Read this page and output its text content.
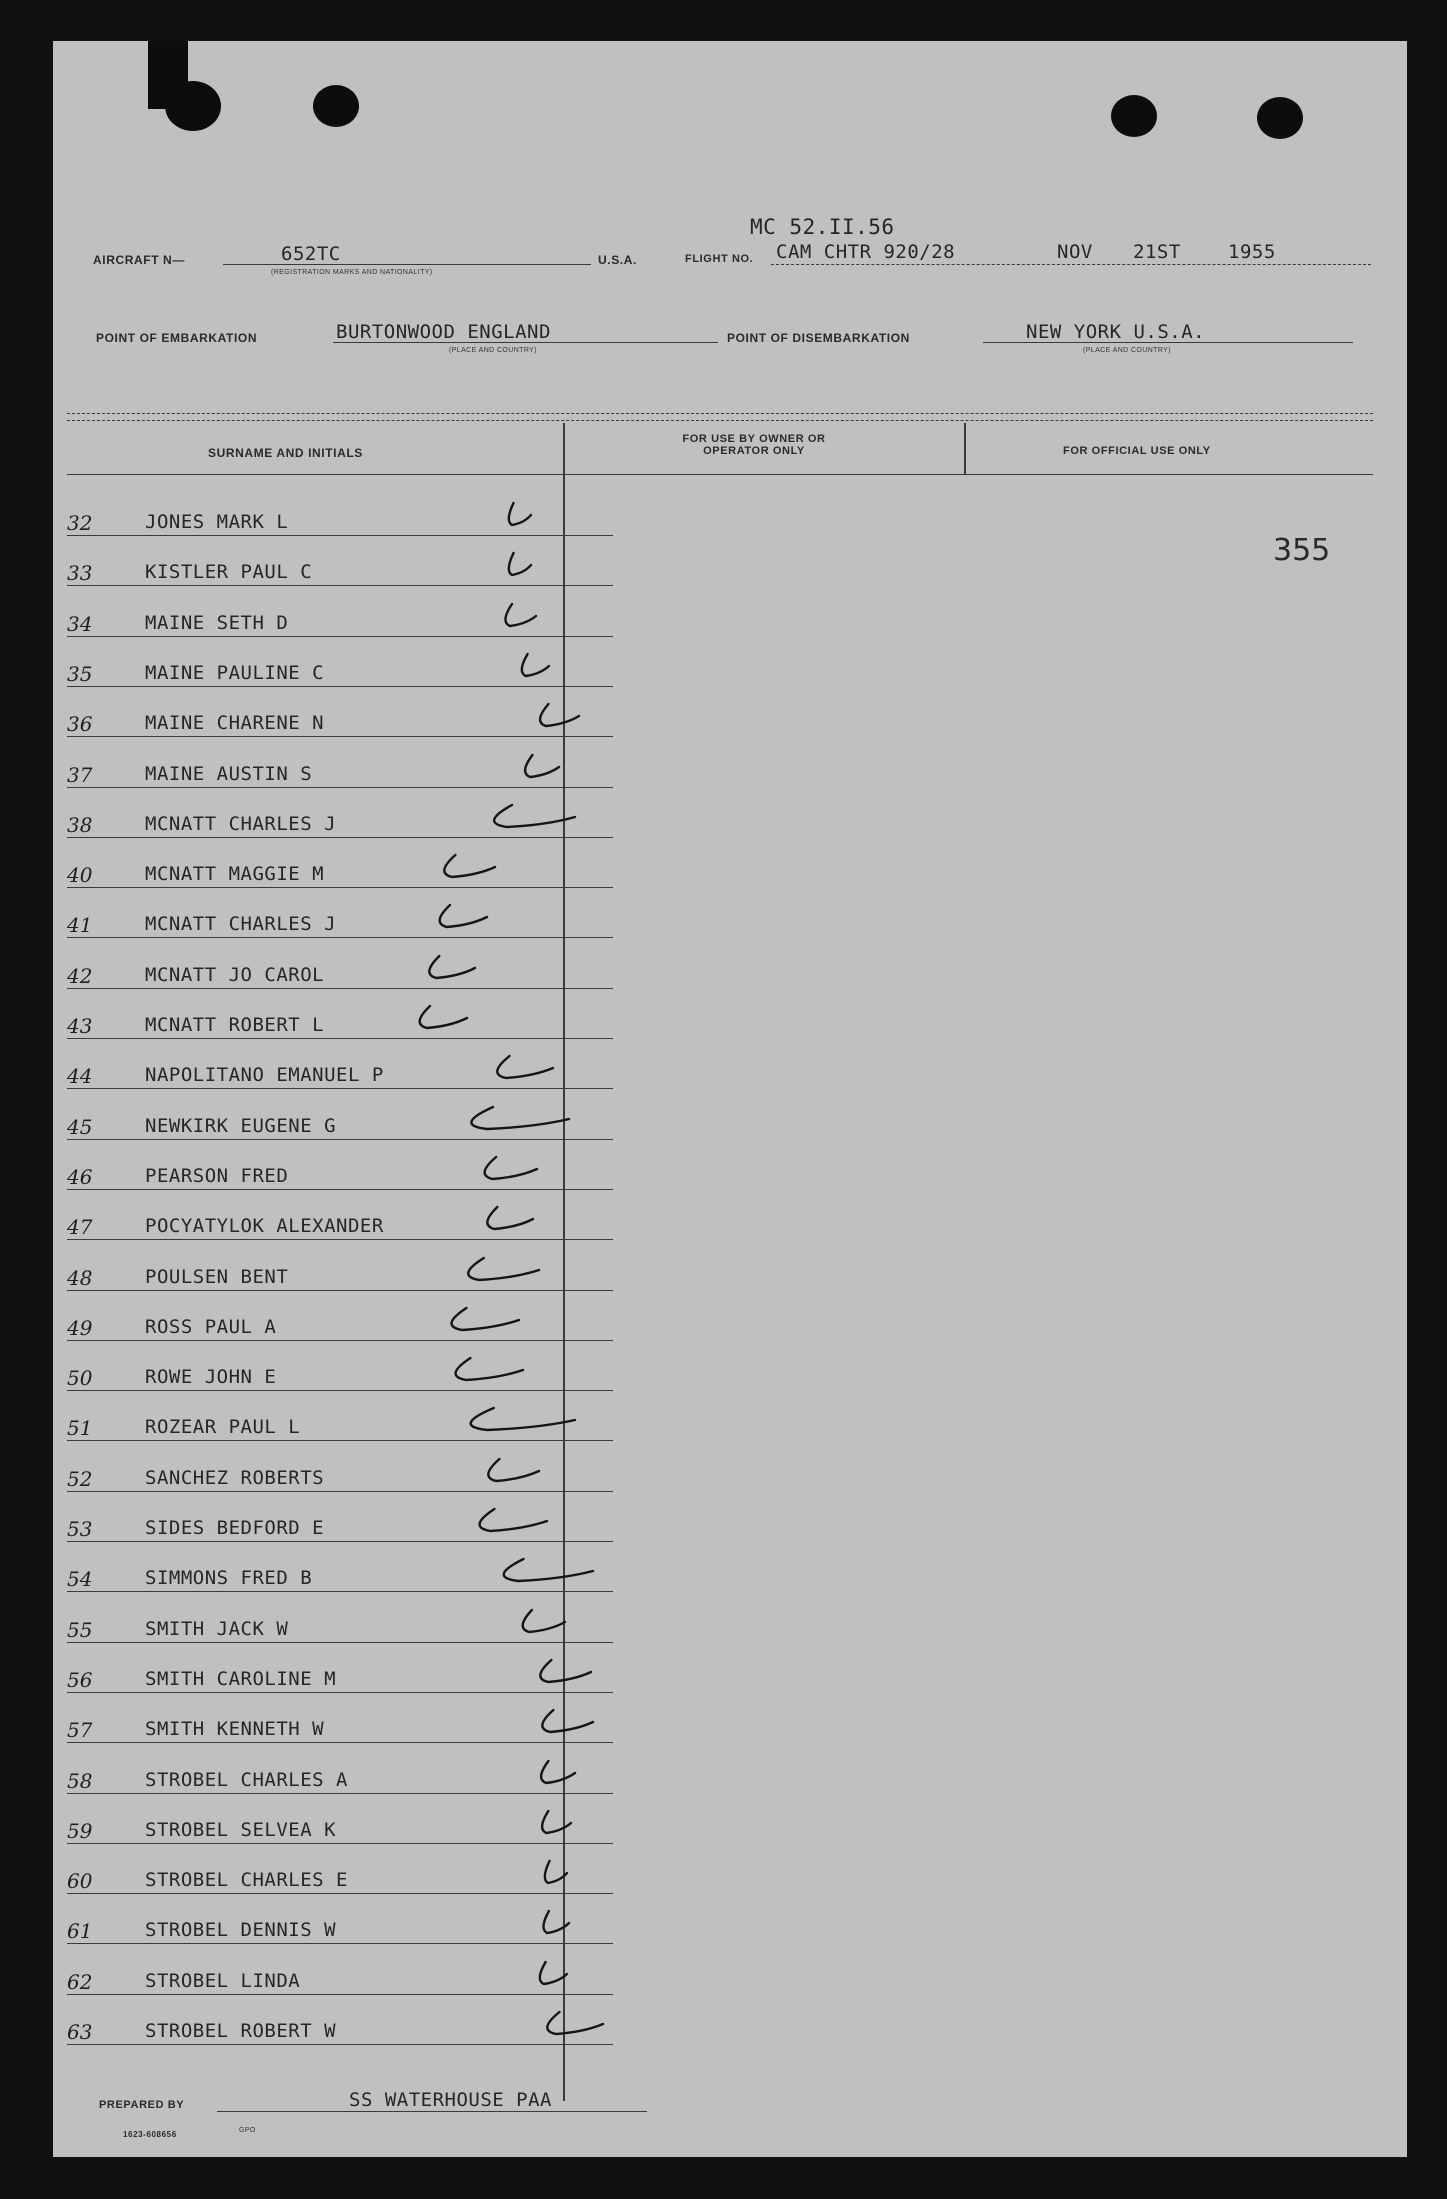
MC 52.II.56
AIRCRAFT N—	652TC
(REGISTRATION MARKS AND NATIONALITY)
U.S.A.	FLIGHT NO. CAM CHTR 920/28	NOV 21ST 1955
POINT OF EMBARKATION	BURTONWOOD ENGLAND
(PLACE AND COUNTRY)
POINT OF DISEMBARKATION	NEW YORK U.S.A.
(PLACE AND COUNTRY)
SURNAME AND INITIALS
FOR USE BY OWNER OR OPERATOR ONLY	FOR OFFICIAL USE ONLY
355
32	JONES MARK L
33	KISTLER PAUL C
34	MAINE SETH D
35	MAINE PAULINE C
36	MAINE CHARENE N
37	MAINE AUSTIN S
38	MCNATT CHARLES J
40	MCNATT MAGGIE M
41	MCNATT CHARLES J
42	MCNATT JO CAROL
43	MCNATT ROBERT L
44	NAPOLITANO EMANUEL P
45	NEWKIRK EUGENE G
46	PEARSON FRED
47	POCYATYLOK ALEXANDER
48	POULSEN BENT
49	ROSS PAUL A
50	ROWE JOHN E
51	ROZEAR PAUL L
52	SANCHEZ ROBERTS
53	SIDES BEDFORD E
54	SIMMONS FRED B
55	SMITH JACK W
56	SMITH CAROLINE M
57	SMITH KENNETH W
58	STROBEL CHARLES A
59	STROBEL SELVEA K
60	STROBEL CHARLES E
61	STROBEL DENNIS W
62	STROBEL LINDA
63	STROBEL ROBERT W
PREPARED BY	SS WATERHOUSE PAA
1623-608656	GPO
